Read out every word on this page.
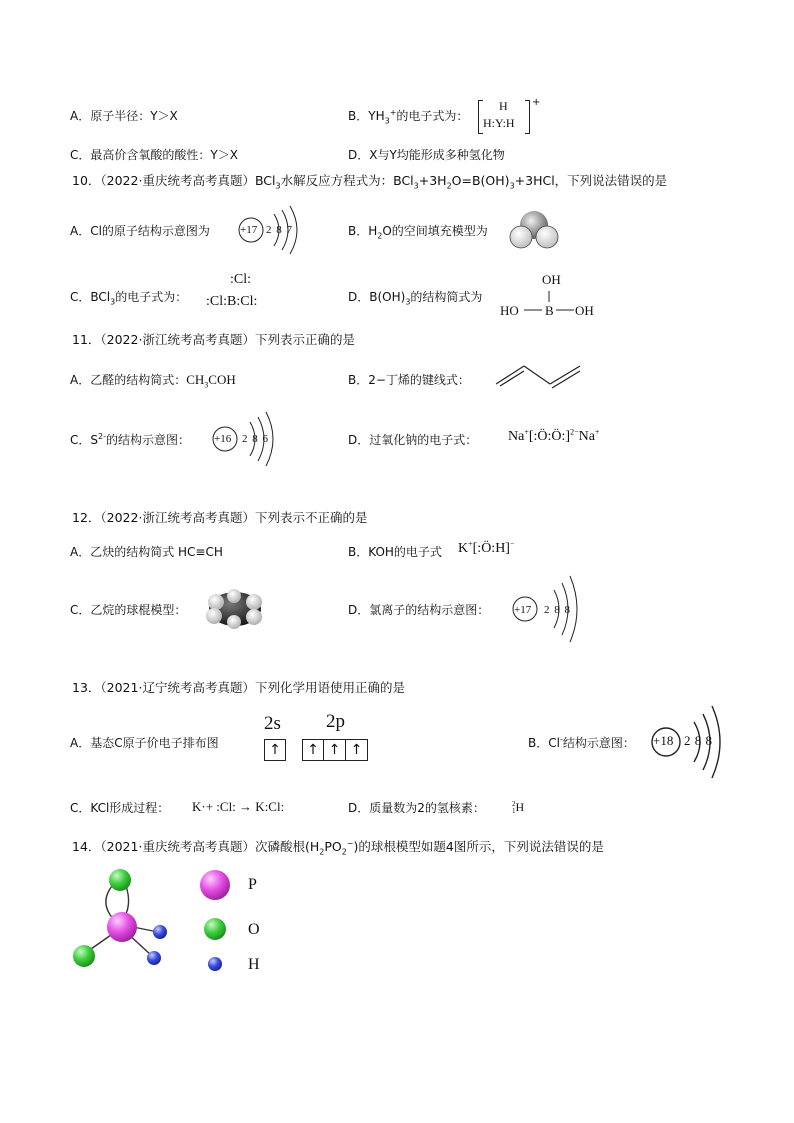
A．原子半径：Y＞X	B．$YH_3^+$的电子式为：
H
H:Y:H
+
C．最高价含氧酸的酸性：Y＞X	D．X与Y均能形成多种氢化物
10．（2022·重庆统考高考真题）BCl$_3$水解反应方程式为：$BCl_3+3H_2O=B(OH)_3+3HCl$，下列说法错误的是
A．Cl的原子结构示意图为	+17 2 8 7	B．$H_2O$的空间填充模型为
C．BCl$_3$的电子式为：
:Cl:
:Cl:B:Cl:	D．$B(OH)_3$的结构简式为
OH
HO B OH
11．（2022·浙江统考高考真题）下列表示正确的是
A．乙醛的结构简式：$CH_3COH$	B．2−丁烯的键线式：
C．$S^{2-}$的结构示意图： +16 2 8 6	D．过氧化钠的电子式： Na+[:Ö:Ö:]$^{2-}$Na+
12．（2022·浙江统考高考真题）下列表示不正确的是
A．乙炔的结构简式 HC≡CH	B．KOH的电子式 K+[:Ö:H]−
C．乙烷的球棍模型：	D．氯离子的结构示意图： +17 2 8 8
13．（2021·辽宁统考高考真题）下列化学用语使用正确的是
A．基态C原子价电子排布图
2s 2p
↑	↑ ↑ ↑	B．Cl-结构示意图： +18 2 8 8
C．KCl形成过程： K·+ :Cl: → K:Cl:	D．质量数为2的氢核素：	2
1 H
14．（2021·重庆统考高考真题）次磷酸根$(H_2PO_2^-)$的球根模型如题4图所示，下列说法错误的是
P
O
H
